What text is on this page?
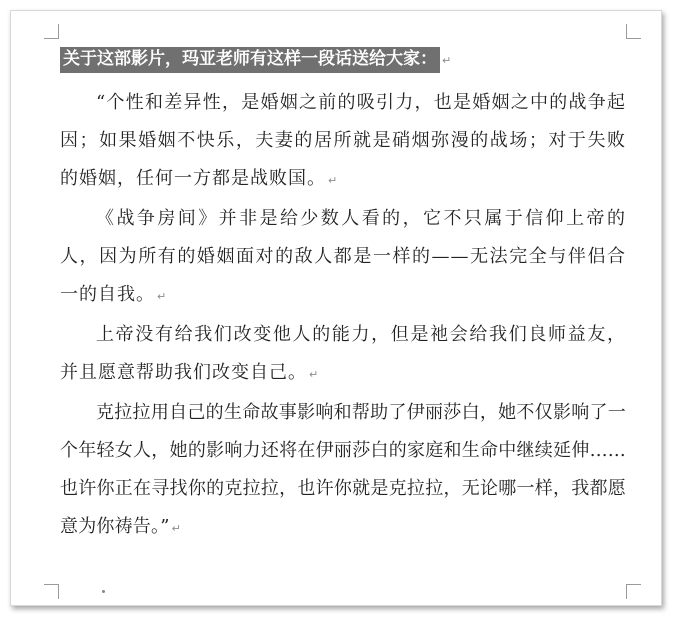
关于这部影片，玛亚老师有这样一段话送给大家： ↵

“个性和差异性，是婚姻之前的吸引力，也是婚姻之中的战争起因；如果婚姻不快乐，夫妻的居所就是硝烟弥漫的战场；对于失败的婚姻，任何一方都是战败国。 ↵

《战争房间》并非是给少数人看的，它不只属于信仰上帝的人，因为所有的婚姻面对的敌人都是一样的——无法完全与伴侣合一的自我。 ↵

上帝没有给我们改变他人的能力，但是祂会给我们良师益友，并且愿意帮助我们改变自己。 ↵

克拉拉用自己的生命故事影响和帮助了伊丽莎白，她不仅影响了一个年轻女人，她的影响力还将在伊丽莎白的家庭和生命中继续延伸……也许你正在寻找你的克拉拉，也许你就是克拉拉，无论哪一样，我都愿意为你祷告。” ↵
